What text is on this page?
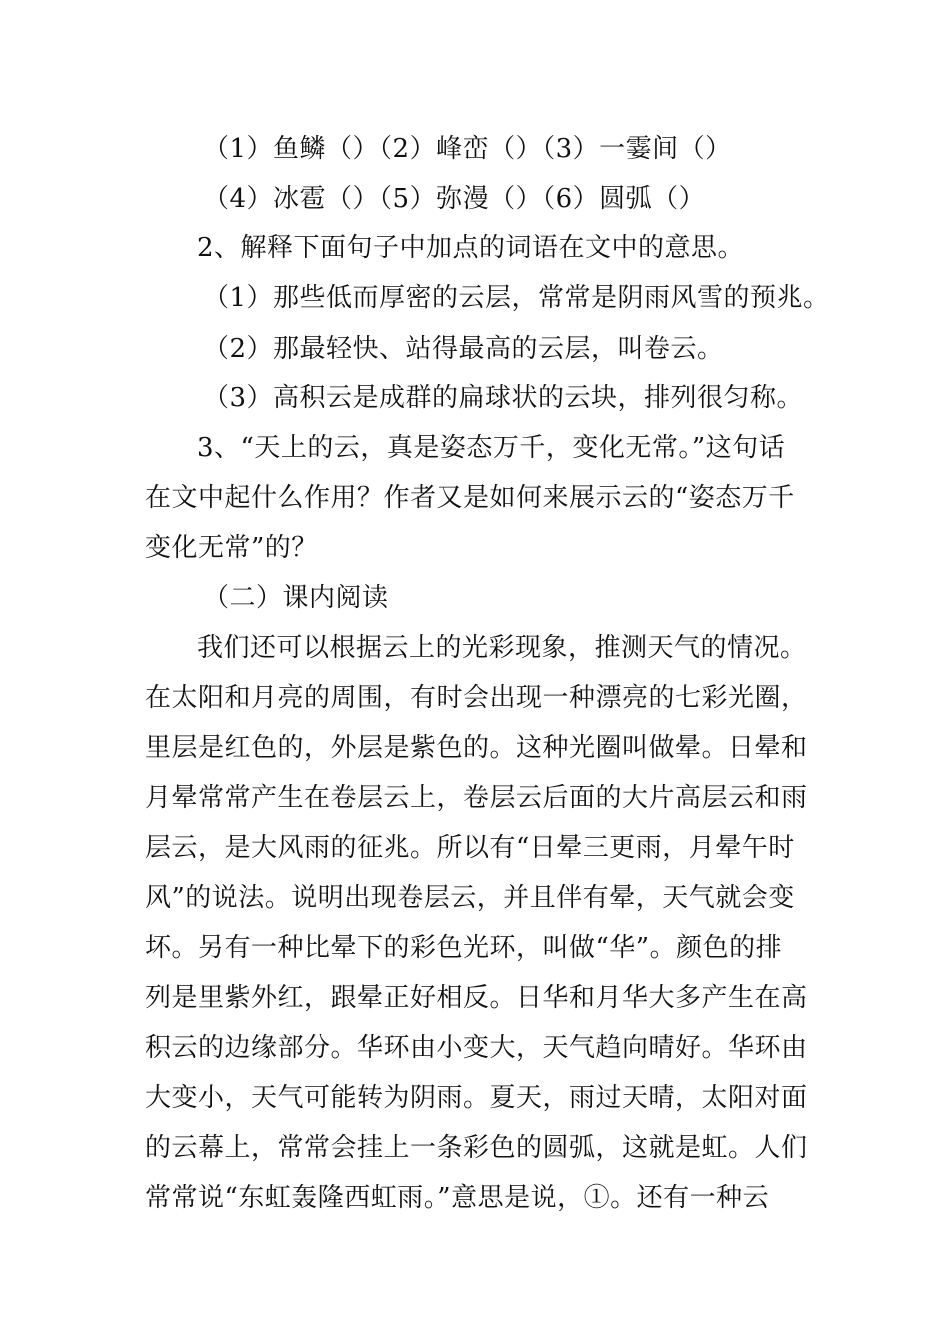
（1）鱼鳞（）（2）峰峦（）（3）一霎间（）
（4）冰雹（）（5）弥漫（）（6）圆弧（）
2、解释下面句子中加点的词语在文中的意思。
（1）那些低而厚密的云层，常常是阴雨风雪的预兆。
（2）那最轻快、站得最高的云层，叫卷云。
（3）高积云是成群的扁球状的云块，排列很匀称。
3、“天上的云，真是姿态万千，变化无常。”这句话
在文中起什么作用？作者又是如何来展示云的“姿态万千
变化无常”的？
（二）课内阅读
我们还可以根据云上的光彩现象，推测天气的情况。
在太阳和月亮的周围，有时会出现一种漂亮的七彩光圈，
里层是红色的，外层是紫色的。这种光圈叫做晕。日晕和
月晕常常产生在卷层云上，卷层云后面的大片高层云和雨
层云，是大风雨的征兆。所以有“日晕三更雨，月晕午时
风”的说法。说明出现卷层云，并且伴有晕，天气就会变
坏。另有一种比晕下的彩色光环，叫做“华”。颜色的排
列是里紫外红，跟晕正好相反。日华和月华大多产生在高
积云的边缘部分。华环由小变大，天气趋向晴好。华环由
大变小，天气可能转为阴雨。夏天，雨过天晴，太阳对面
的云幕上，常常会挂上一条彩色的圆弧，这就是虹。人们
常常说“东虹轰隆西虹雨。”意思是说，①。还有一种云
